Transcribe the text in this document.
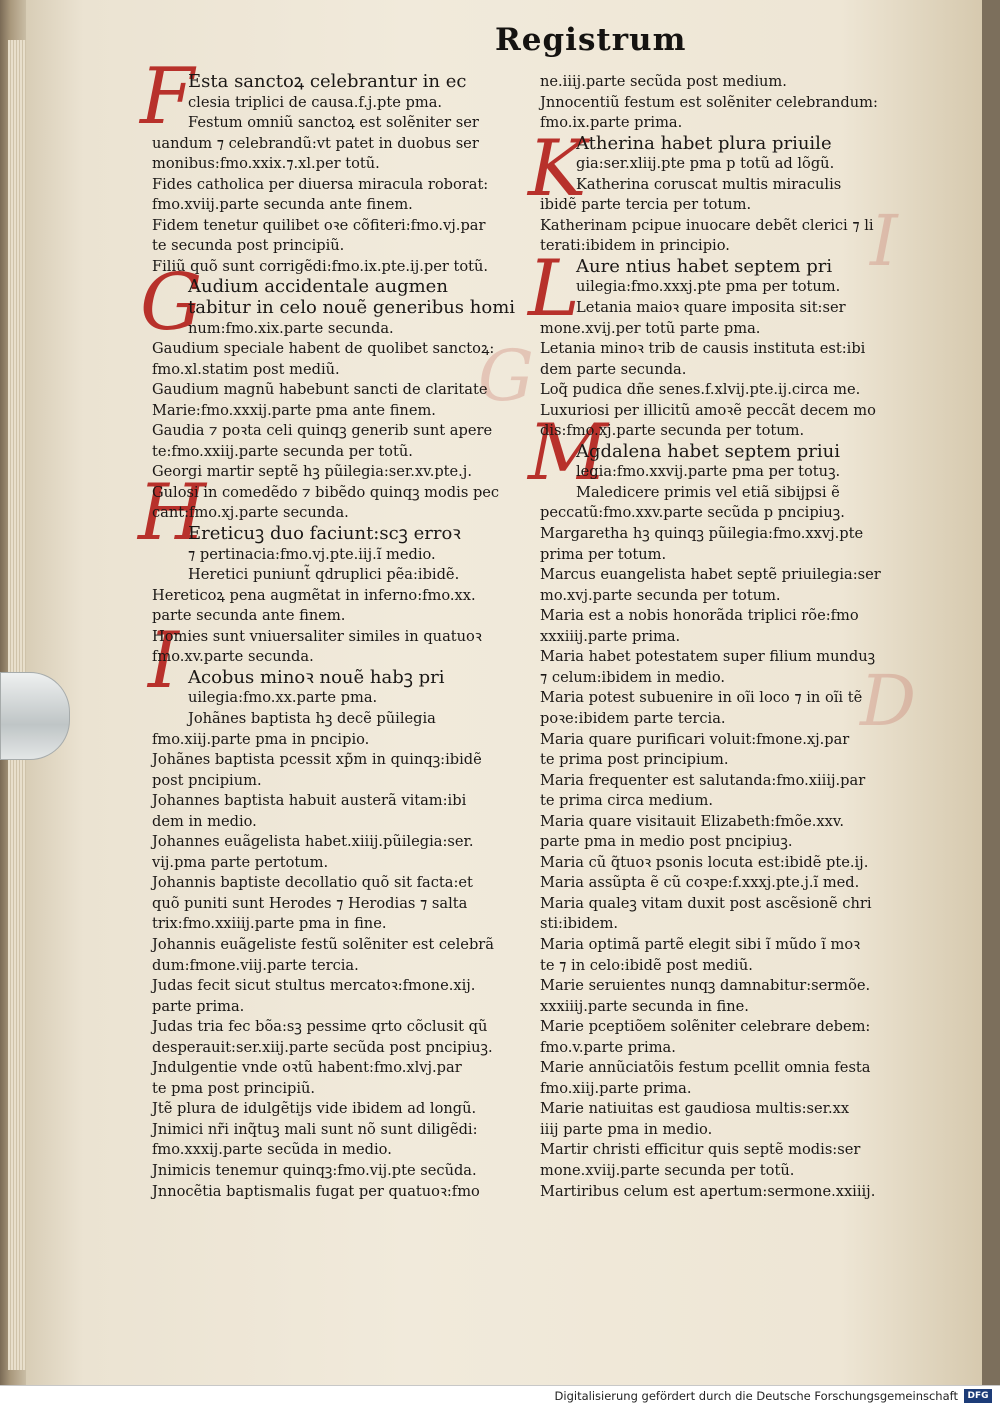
Registrum
G
I
D
F
G
H
I
K
L
M
Esta sanctoꝝ celebrantur in ec
clesia triplici de causa.f.j.pte pma.
Festum omniũ sanctoꝝ est solẽniter ser
uandum ⁊ celebrandũ:vt patet in duobus ser
monibus:fmo.xxix.⁊.xl.per totũ.
Fides catholica per diuersa miracula roborat:
fmo.xviij.parte secunda ante finem.
Fidem tenetur quilibet oꝛe cõfiteri:fmo.vj.par
te secunda post principiũ.
Filiũ quõ sunt corrigẽdi:fmo.ix.pte.ij.per totũ.
Audium accidentale augmen
tabitur in celo nouẽ generibus homi
num:fmo.xix.parte secunda.
Gaudium speciale habent de quolibet sanctoꝝ:
fmo.xl.statim post mediũ.
Gaudium magnũ habebunt sancti de claritate
Marie:fmo.xxxij.parte pma ante finem.
Gaudia ⁊ poꝛta celi quinqꝫ generib sunt apere
te:fmo.xxiij.parte secunda per totũ.
Georgi martir septẽ hꝫ pũilegia:ser.xv.pte.j.
Gulosi in comedẽdo ⁊ bibẽdo quinqꝫ modis pec
cant:fmo.xj.parte secunda.
Ereticuꝫ duo faciunt:scꝫ erroꝛ
⁊ pertinacia:fmo.vj.pte.iij.ĩ medio.
Heretici puniunt̃ qdruplici pẽa:ibidẽ.
Hereticoꝝ pena augmẽtat in inferno:fmo.xx.
parte secunda ante finem.
Homies sunt vniuersaliter similes in quatuoꝛ
fmo.xv.parte secunda.
Acobus minoꝛ nouẽ habꝫ pri
uilegia:fmo.xx.parte pma.
Johãnes baptista hꝫ decẽ pũilegia
fmo.xiij.parte pma in pncipio.
Johãnes baptista pcessit xp̃m in quinqꝫ:ibidẽ
post pncipium.
Johannes baptista habuit austerã vitam:ibi
dem in medio.
Johannes euãgelista habet.xiiij.pũilegia:ser.
vij.pma parte pertotum.
Johannis baptiste decollatio quõ sit facta:et
quõ puniti sunt Herodes ⁊ Herodias ⁊ salta
trix:fmo.xxiiij.parte pma in fine.
Johannis euãgeliste festũ solẽniter est celebrã
dum:fmone.viij.parte tercia.
Judas fecit sicut stultus mercatoꝛ:fmone.xij.
parte prima.
Judas tria fec bõa:sꝫ pessime qrto cõclusit qũ
desperauit:ser.xiij.parte secũda post pncipiuꝫ.
Jndulgentie vnde oꝛtũ habent:fmo.xlvj.par
te pma post principiũ.
Jtẽ plura de idulgẽtijs vide ibidem ad longũ.
Jnimici nr̃i inq̃tuꝫ mali sunt nõ sunt diligẽdi:
fmo.xxxij.parte secũda in medio.
Jnimicis tenemur quinqꝫ:fmo.vij.pte secũda.
Jnnocẽtia baptismalis fugat per quatuoꝛ:fmo
ne.iiij.parte secũda post medium.
Jnnocentiũ festum est solẽniter celebrandum:
fmo.ix.parte prima.
Atherina habet plura priuile
gia:ser.xliij.pte pma p totũ ad lõgũ.
Katherina coruscat multis miraculis
ibidẽ parte tercia per totum.
Katherinam pcipue inuocare debẽt clerici ⁊ li
terati:ibidem in principio.
Aure ntius habet septem pri
uilegia:fmo.xxxj.pte pma per totum.
Letania maioꝛ quare imposita sit:ser
mone.xvij.per totũ parte pma.
Letania minoꝛ trib de causis instituta est:ibi
dem parte secunda.
Loq̃ pudica dñe senes.f.xlvij.pte.ij.circa me.
Luxuriosi per illicitũ amoꝛẽ peccãt decem mo
dis:fmo.xj.parte secunda per totum.
Agdalena habet septem priui
legia:fmo.xxvij.parte pma per totuꝫ.
Maledicere primis vel etiã sibijpsi ẽ
peccatũ:fmo.xxv.parte secũda p pncipiuꝫ.
Margaretha hꝫ quinqꝫ pũilegia:fmo.xxvj.pte
prima per totum.
Marcus euangelista habet septẽ priuilegia:ser
mo.xvj.parte secunda per totum.
Maria est a nobis honorãda triplici rõe:fmo
xxxiiij.parte prima.
Maria habet potestatem super filium munduꝫ
⁊ celum:ibidem in medio.
Maria potest subuenire in oĩi loco ⁊ in oĩi tẽ
poꝛe:ibidem parte tercia.
Maria quare purificari voluit:fmone.xj.par
te prima post principium.
Maria frequenter est salutanda:fmo.xiiij.par
te prima circa medium.
Maria quare visitauit Elizabeth:fmõe.xxv.
parte pma in medio post pncipiuꝫ.
Maria cũ q̃tuoꝛ psonis locuta est:ibidẽ pte.ij.
Maria assũpta ẽ cũ coꝛpe:f.xxxj.pte.j.ĩ med.
Maria qualeꝫ vitam duxit post ascẽsionẽ chri
sti:ibidem.
Maria optimã partẽ elegit sibi ĩ mũdo ĩ moꝛ
te ⁊ in celo:ibidẽ post mediũ.
Marie seruientes nunqꝫ damnabitur:sermõe.
xxxiiij.parte secunda in fine.
Marie pceptiõem solẽniter celebrare debem:
fmo.v.parte prima.
Marie annũciatõis festum pcellit omnia festa
fmo.xiij.parte prima.
Marie natiuitas est gaudiosa multis:ser.xx
iiij parte pma in medio.
Martir christi efficitur quis septẽ modis:ser
mone.xviij.parte secunda per totũ.
Martiribus celum est apertum:sermone.xxiiij.
Digitalisierung gefördert durch die Deutsche Forschungsgemeinschaft	DFG
